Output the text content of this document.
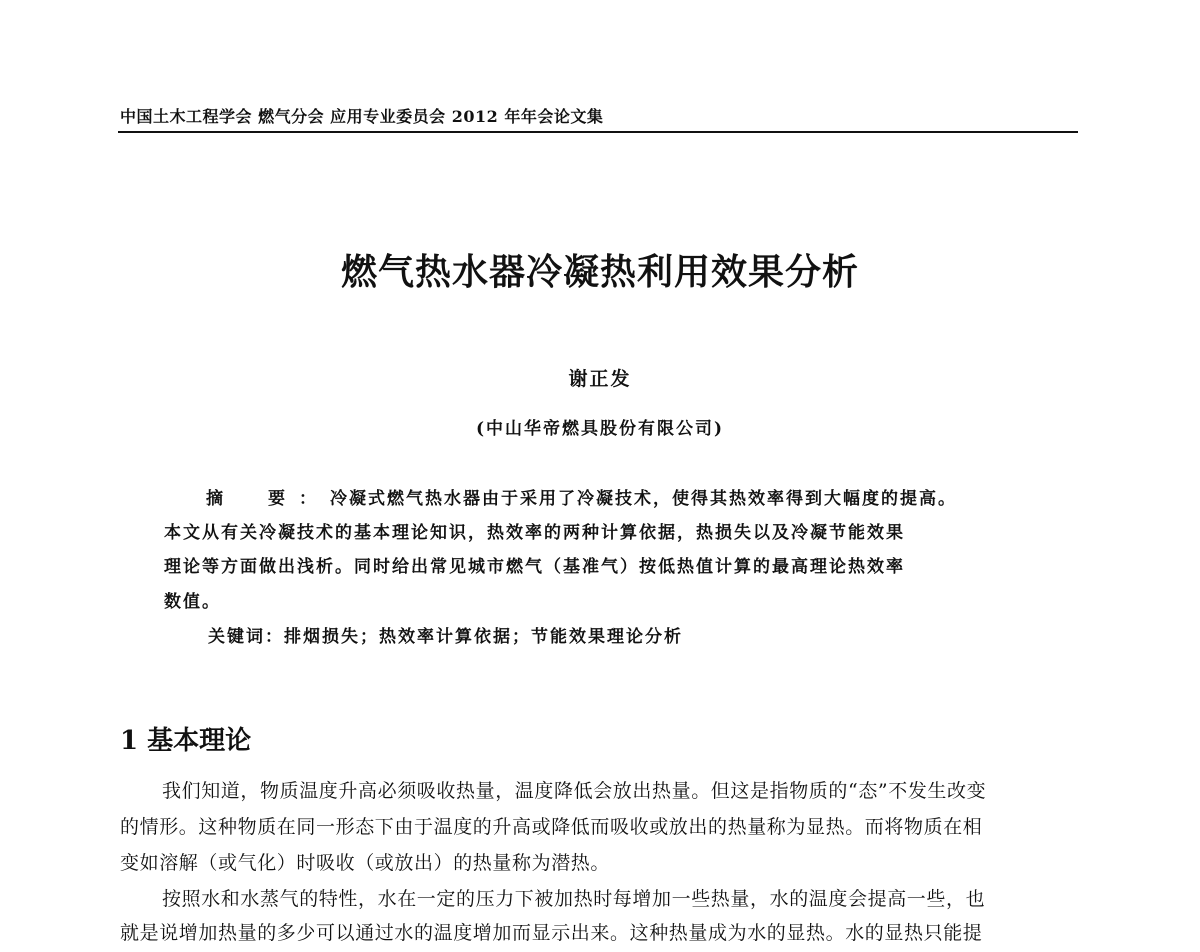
中国土木工程学会 燃气分会 应用专业委员会 2012 年年会论文集
燃气热水器冷凝热利用效果分析
谢正发
(中山华帝燃具股份有限公司)
摘　要：冷凝式燃气热水器由于采用了冷凝技术，使得其热效率得到大幅度的提高。
本文从有关冷凝技术的基本理论知识，热效率的两种计算依据，热损失以及冷凝节能效果
理论等方面做出浅析。同时给出常见城市燃气（基准气）按低热值计算的最高理论热效率
数值。
关键词：排烟损失；热效率计算依据；节能效果理论分析
1 基本理论
我们知道，物质温度升高必须吸收热量，温度降低会放出热量。但这是指物质的“态”不发生改变
的情形。这种物质在同一形态下由于温度的升高或降低而吸收或放出的热量称为显热。而将物质在相
变如溶解（或气化）时吸收（或放出）的热量称为潜热。
按照水和水蒸气的特性，水在一定的压力下被加热时每增加一些热量，水的温度会提高一些，也
就是说增加热量的多少可以通过水的温度增加而显示出来。这种热量成为水的显热。水的显热只能提
